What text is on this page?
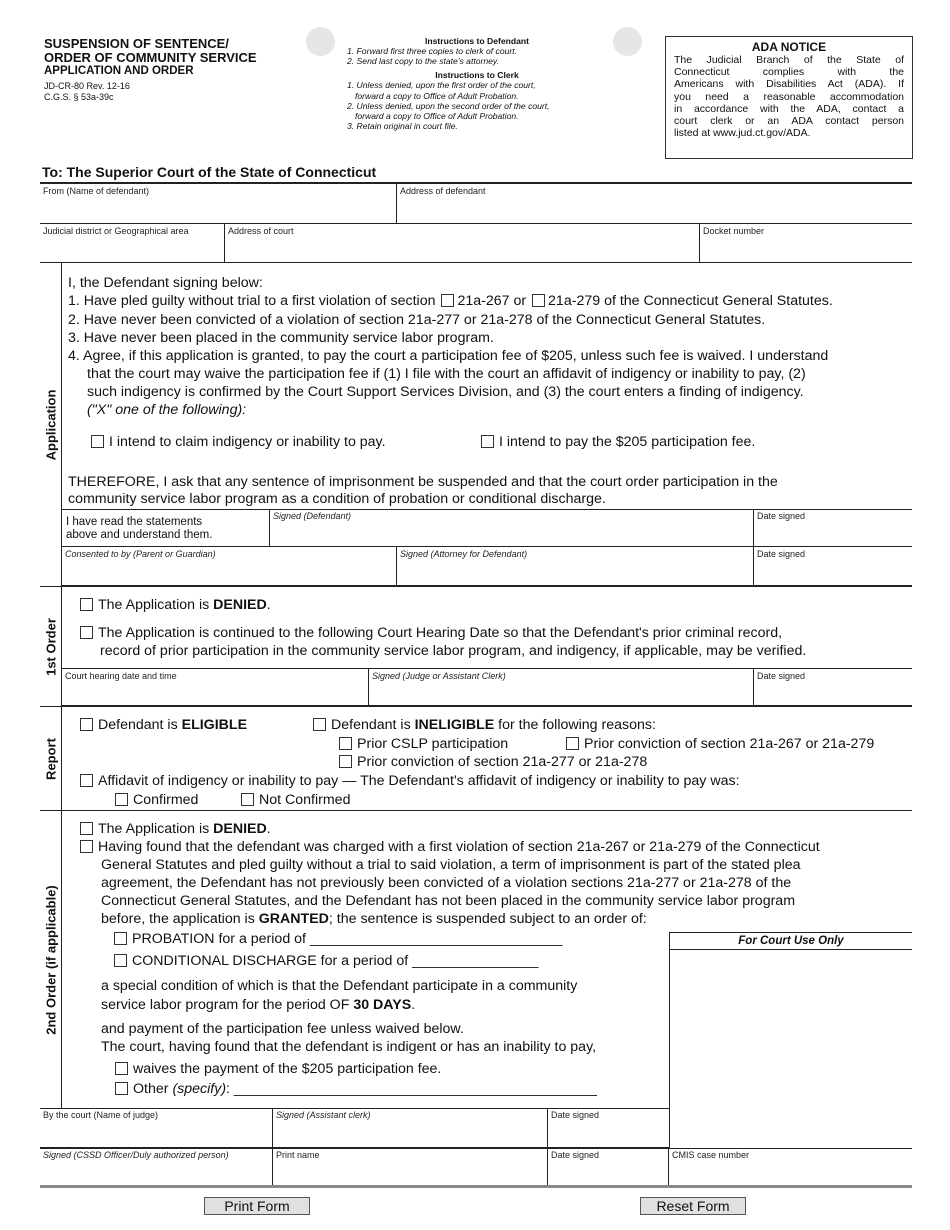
SUSPENSION OF SENTENCE/
ORDER OF COMMUNITY SERVICE
APPLICATION AND ORDER
JD-CR-80 Rev. 12-16
C.G.S. § 53a-39c
Instructions to Defendant
1. Forward first three copies to clerk of court.
2. Send last copy to the state's attorney.
Instructions to Clerk
1. Unless denied, upon the first order of the court,
forward a copy to Office of Adult Probation.
2. Unless denied, upon the second order of the court,
forward a copy to Office of Adult Probation.
3. Retain original in court file.
ADA NOTICE
The Judicial Branch of the State of
Connecticut complies with the
Americans with Disabilities Act (ADA). If
you need a reasonable accommodation
in accordance with the ADA, contact a
court clerk or an ADA contact person
listed at www.jud.ct.gov/ADA.
To: The Superior Court of the State of Connecticut
From (Name of defendant)	Address of defendant
Judicial district or Geographical area	Address of court	Docket number
Application
I, the Defendant signing below:
1. Have pled guilty without trial to a first violation of section 21a-267 or 21a-279 of the Connecticut General Statutes.
2. Have never been convicted of a violation of section 21a-277 or 21a-278 of the Connecticut General Statutes.
3. Have never been placed in the community service labor program.
4. Agree, if this application is granted, to pay the court a participation fee of $205, unless such fee is waived. I understand
that the court may waive the participation fee if (1) I file with the court an affidavit of indigency or inability to pay, (2)
such indigency is confirmed by the Court Support Services Division, and (3) the court enters a finding of indigency.
("X" one of the following):
I intend to claim indigency or inability to pay.	I intend to pay the $205 participation fee.
THEREFORE, I ask that any sentence of imprisonment be suspended and that the court order participation in the
community service labor program as a condition of probation or conditional discharge.
I have read the statements
above and understand them.
Signed (Defendant)	Date signed
Consented to by (Parent or Guardian)	Signed (Attorney for Defendant)	Date signed
1st Order
The Application is DENIED.
The Application is continued to the following Court Hearing Date so that the Defendant's prior criminal record,
record of prior participation in the community service labor program, and indigency, if applicable, may be verified.
Court hearing date and time	Signed (Judge or Assistant Clerk)	Date signed
Report
Defendant is ELIGIBLE	Defendant is INELIGIBLE for the following reasons:
Prior CSLP participation	Prior conviction of section 21a-267 or 21a-279
Prior conviction of section 21a-277 or 21a-278
Affidavit of indigency or inability to pay — The Defendant's affidavit of indigency or inability to pay was:
Confirmed	Not Confirmed
2nd Order (if applicable)
The Application is DENIED.
Having found that the defendant was charged with a first violation of section 21a-267 or 21a-279 of the Connecticut
General Statutes and pled guilty without a trial to said violation, a term of imprisonment is part of the stated plea
agreement, the Defendant has not previously been convicted of a violation sections 21a-277 or 21a-278 of the
Connecticut General Statutes, and the Defendant has not been placed in the community service labor program
before, the application is GRANTED; the sentence is suspended subject to an order of:
PROBATION for a period of ________________________________
CONDITIONAL DISCHARGE for a period of ________________
a special condition of which is that the Defendant participate in a community
service labor program for the period OF 30 DAYS.
and payment of the participation fee unless waived below.
The court, having found that the defendant is indigent or has an inability to pay,
waives the payment of the $205 participation fee.
Other (specify): ______________________________________________
For Court Use Only
By the court (Name of judge)	Signed (Assistant clerk)	Date signed
Signed (CSSD Officer/Duly authorized person)	Print name	Date signed	CMIS case number
Print Form	Reset Form
